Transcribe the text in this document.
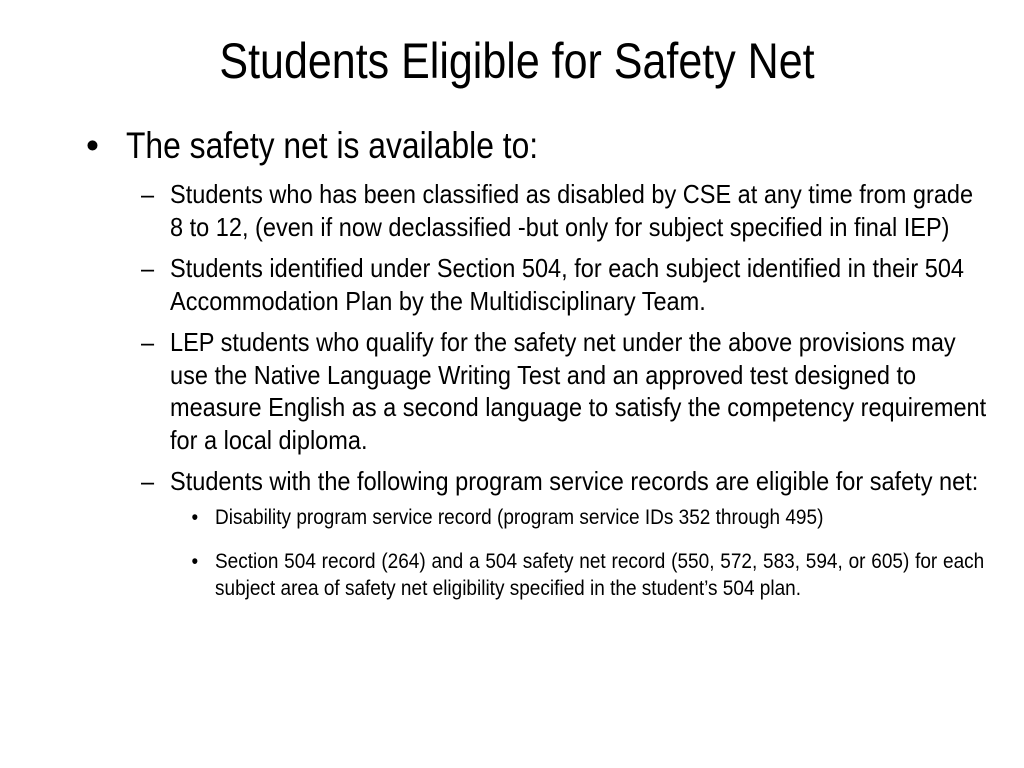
Students Eligible for Safety Net
• The safety net is available to:
– Students who has been classified as disabled by CSE at any time from grade 8 to 12, (even if now declassified -but only for subject specified in final IEP)
– Students identified under Section 504, for each subject identified in their 504 Accommodation Plan by the Multidisciplinary Team.
– LEP students who qualify for the safety net under the above provisions may use the Native Language Writing Test and an approved test designed to measure English as a second language to satisfy the competency requirement for a local diploma.
– Students with the following program service records are eligible for safety net:
• Disability program service record (program service IDs 352 through 495)
• Section 504 record (264) and a 504 safety net record (550, 572, 583, 594, or 605) for each subject area of safety net eligibility specified in the student’s 504 plan.
